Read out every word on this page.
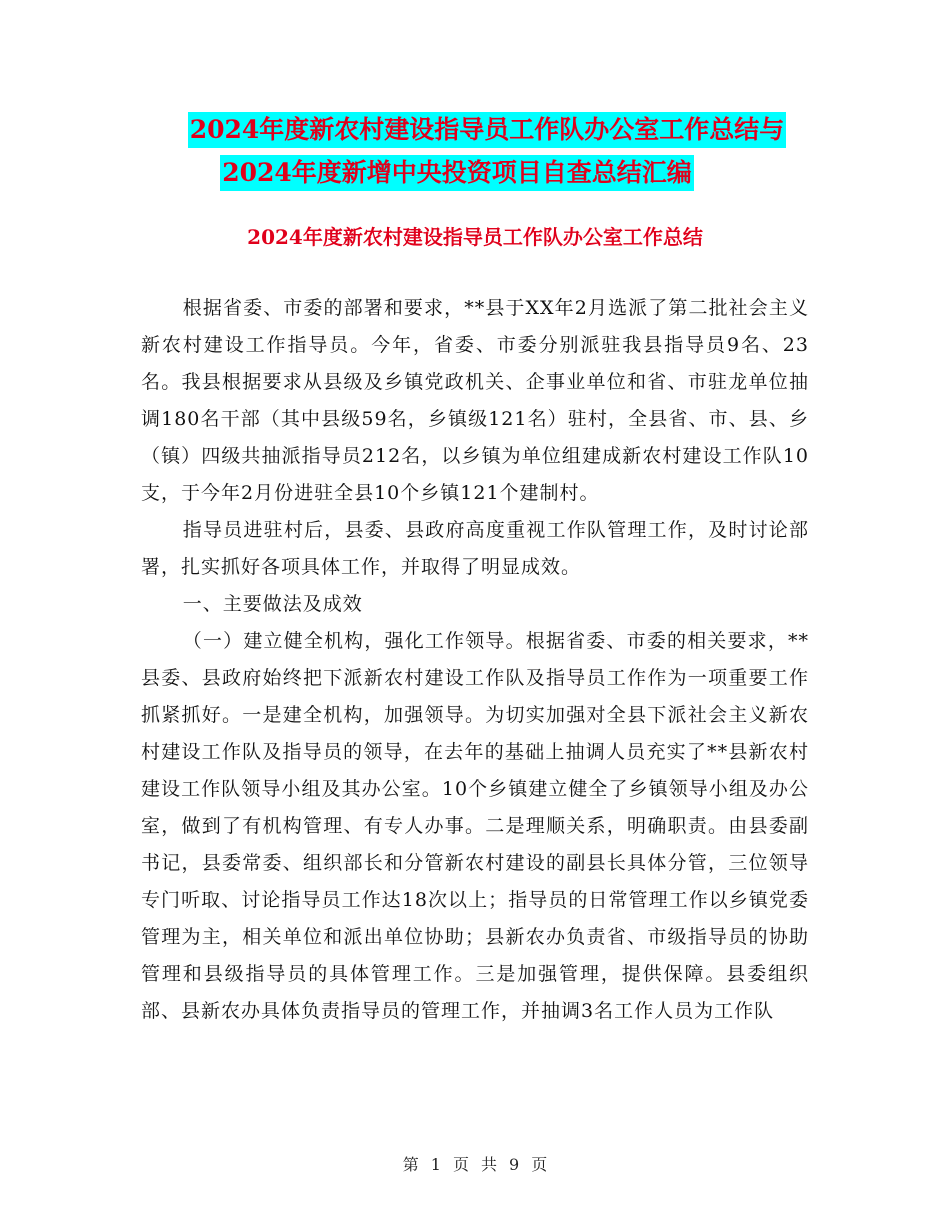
2024年度新农村建设指导员工作队办公室工作总结与
2024年度新增中央投资项目自查总结汇编
2024年度新农村建设指导员工作队办公室工作总结

根据省委、市委的部署和要求，**县于XX年2月选派了第二批社会主义新农村建设工作指导员。今年，省委、市委分别派驻我县指导员9名、23名。我县根据要求从县级及乡镇党政机关、企事业单位和省、市驻龙单位抽调180名干部（其中县级59名，乡镇级121名）驻村，全县省、市、县、乡（镇）四级共抽派指导员212名，以乡镇为单位组建成新农村建设工作队10支，于今年2月份进驻全县10个乡镇121个建制村。

指导员进驻村后，县委、县政府高度重视工作队管理工作，及时讨论部署，扎实抓好各项具体工作，并取得了明显成效。

一、主要做法及成效

（一）建立健全机构，强化工作领导。根据省委、市委的相关要求，**县委、县政府始终把下派新农村建设工作队及指导员工作作为一项重要工作抓紧抓好。一是建全机构，加强领导。为切实加强对全县下派社会主义新农村建设工作队及指导员的领导，在去年的基础上抽调人员充实了**县新农村建设工作队领导小组及其办公室。10个乡镇建立健全了乡镇领导小组及办公室，做到了有机构管理、有专人办事。二是理顺关系，明确职责。由县委副书记，县委常委、组织部长和分管新农村建设的副县长具体分管，三位领导专门听取、讨论指导员工作达18次以上；指导员的日常管理工作以乡镇党委管理为主，相关单位和派出单位协助；县新农办负责省、市级指导员的协助管理和县级指导员的具体管理工作。三是加强管理，提供保障。县委组织部、县新农办具体负责指导员的管理工作，并抽调3名工作人员为工作队

第 1 页 共 9 页
